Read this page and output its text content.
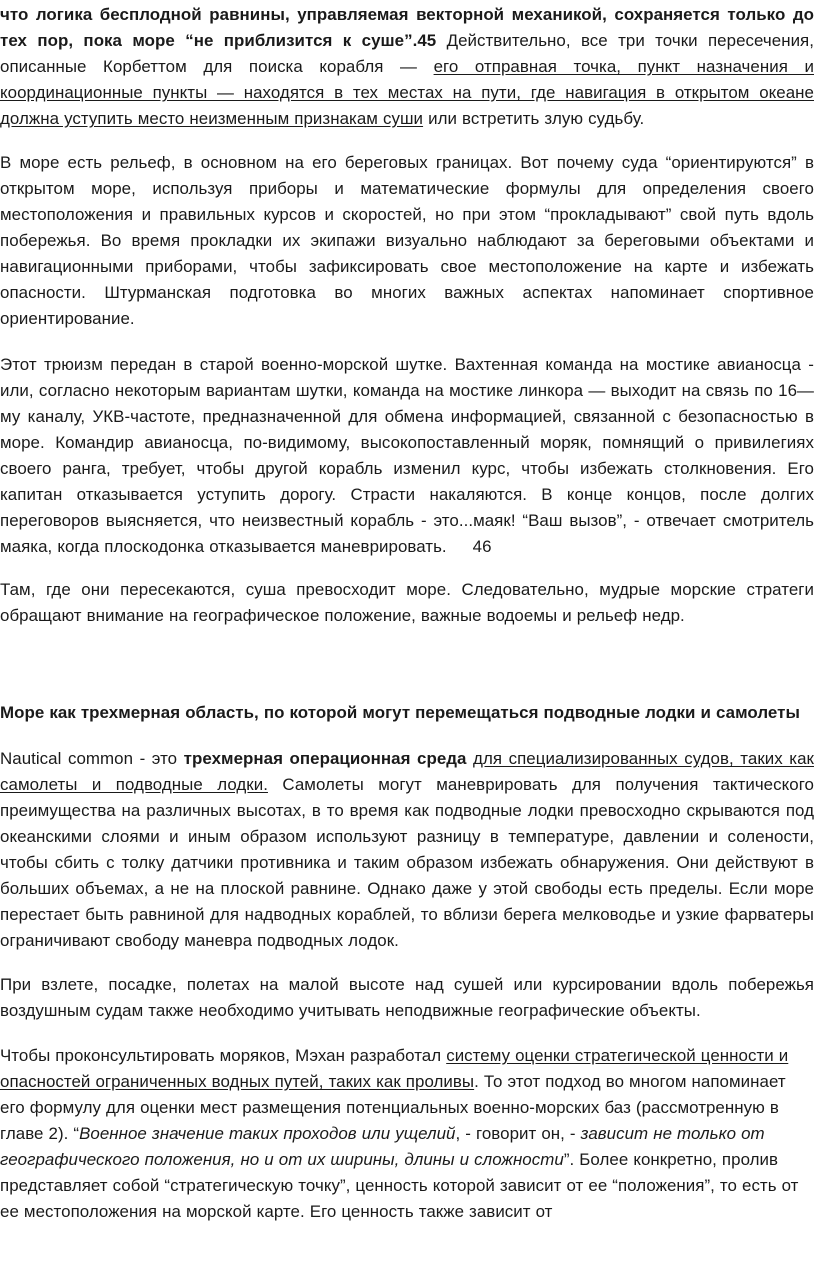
что логика бесплодной равнины, управляемая векторной механикой, сохраняется только до тех пор, пока море “не приблизится к суше”.45 Действительно, все три точки пересечения, описанные Корбеттом для поиска корабля — его отправная точка, пункт назначения и координационные пункты — находятся в тех местах на пути, где навигация в открытом океане должна уступить место неизменным признакам суши или встретить злую судьбу.

В море есть рельеф, в основном на его береговых границах. Вот почему суда “ориентируются” в открытом море, используя приборы и математические формулы для определения своего местоположения и правильных курсов и скоростей, но при этом “прокладывают” свой путь вдоль побережья. Во время прокладки их экипажи визуально наблюдают за береговыми объектами и навигационными приборами, чтобы зафиксировать свое местоположение на карте и избежать опасности. Штурманская подготовка во многих важных аспектах напоминает спортивное ориентирование.

Этот трюизм передан в старой военно-морской шутке. Вахтенная команда на мостике авианосца - или, согласно некоторым вариантам шутки, команда на мостике линкора — выходит на связь по 16—му каналу, УКВ-частоте, предназначенной для обмена информацией, связанной с безопасностью в море. Командир авианосца, по-видимому, высокопоставленный моряк, помнящий о привилегиях своего ранга, требует, чтобы другой корабль изменил курс, чтобы избежать столкновения. Его капитан отказывается уступить дорогу. Страсти накаляются. В конце концов, после долгих переговоров выясняется, что неизвестный корабль - это...маяк! “Ваш вызов”, - отвечает смотритель маяка, когда плоскодонка отказывается маневрировать. 46

Там, где они пересекаются, суша превосходит море. Следовательно, мудрые морские стратеги обращают внимание на географическое положение, важные водоемы и рельеф недр.

Море как трехмерная область, по которой могут перемещаться подводные лодки и самолеты

Nautical common - это трехмерная операционная среда для специализированных судов, таких как самолеты и подводные лодки. Самолеты могут маневрировать для получения тактического преимущества на различных высотах, в то время как подводные лодки превосходно скрываются под океанскими слоями и иным образом используют разницу в температуре, давлении и солености, чтобы сбить с толку датчики противника и таким образом избежать обнаружения. Они действуют в больших объемах, а не на плоской равнине. Однако даже у этой свободы есть пределы. Если море перестает быть равниной для надводных кораблей, то вблизи берега мелководье и узкие фарватеры ограничивают свободу маневра подводных лодок.

При взлете, посадке, полетах на малой высоте над сушей или курсировании вдоль побережья воздушным судам также необходимо учитывать неподвижные географические объекты.

Чтобы проконсультировать моряков, Мэхан разработал систему оценки стратегической ценности и опасностей ограниченных водных путей, таких как проливы. То этот подход во многом напоминает его формулу для оценки мест размещения потенциальных военно-морских баз (рассмотренную в главе 2). “Военное значение таких проходов или ущелий, - говорит он, - зависит не только от географического положения, но и от их ширины, длины и сложности”. Более конкретно, пролив представляет собой “стратегическую точку”, ценность которой зависит от ее “положения”, то есть от ее местоположения на морской карте. Его ценность также зависит от
